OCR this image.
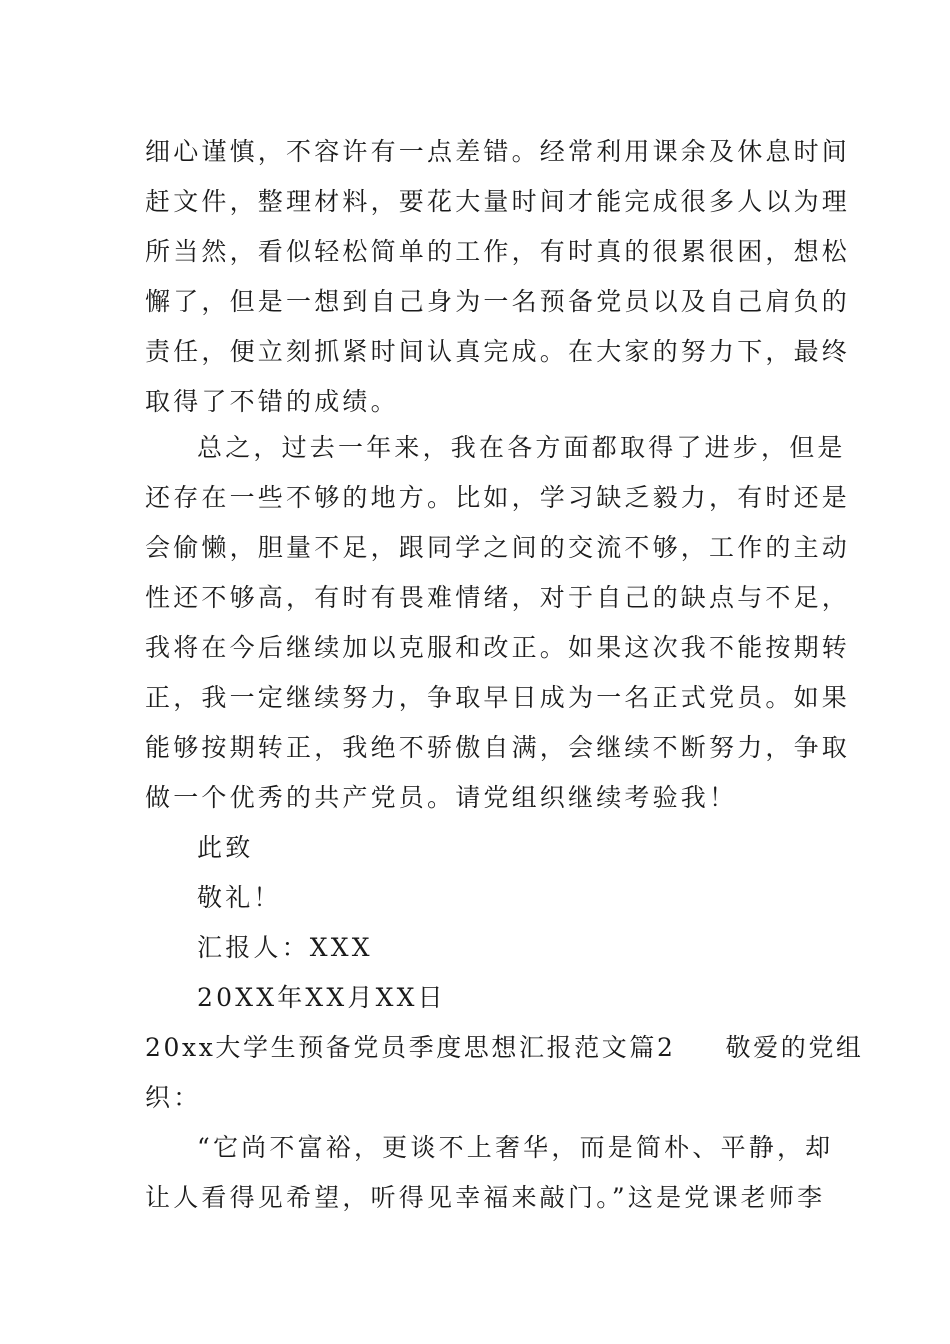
细心谨慎，不容许有一点差错。经常利用课余及休息时间
赶文件，整理材料，要花大量时间才能完成很多人以为理
所当然，看似轻松简单的工作，有时真的很累很困，想松
懈了，但是一想到自己身为一名预备党员以及自己肩负的
责任，便立刻抓紧时间认真完成。在大家的努力下，最终
取得了不错的成绩。
总之，过去一年来，我在各方面都取得了进步，但是
还存在一些不够的地方。比如，学习缺乏毅力，有时还是
会偷懒，胆量不足，跟同学之间的交流不够，工作的主动
性还不够高，有时有畏难情绪，对于自己的缺点与不足，
我将在今后继续加以克服和改正。如果这次我不能按期转
正，我一定继续努力，争取早日成为一名正式党员。如果
能够按期转正，我绝不骄傲自满，会继续不断努力，争取
做一个优秀的共产党员。请党组织继续考验我！
此致
敬礼！
汇报人：XXX
20XX年XX月XX日
20xx大学生预备党员季度思想汇报范文篇2 敬爱的党组
织：
“它尚不富裕，更谈不上奢华，而是简朴、平静，却
让人看得见希望，听得见幸福来敲门。”这是党课老师李
